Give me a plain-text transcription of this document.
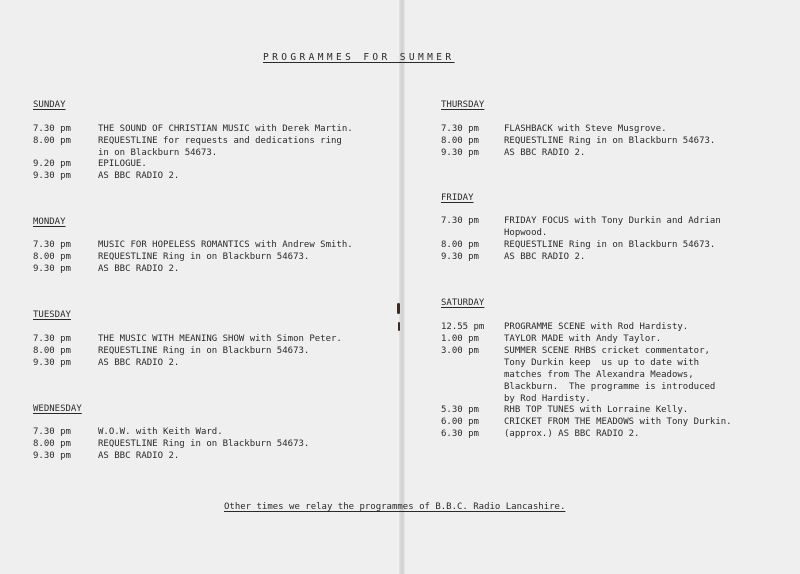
PROGRAMMES FOR SUMMER
SUNDAY
7.30 pm	THE SOUND OF CHRISTIAN MUSIC with Derek Martin.
8.00 pm	REQUESTLINE for requests and dedications ring
in on Blackburn 54673.
9.20 pm	EPILOGUE.
9.30 pm	AS BBC RADIO 2.
MONDAY
7.30 pm	MUSIC FOR HOPELESS ROMANTICS with Andrew Smith.
8.00 pm	REQUESTLINE Ring in on Blackburn 54673.
9.30 pm	AS BBC RADIO 2.
TUESDAY
7.30 pm	THE MUSIC WITH MEANING SHOW with Simon Peter.
8.00 pm	REQUESTLINE Ring in on Blackburn 54673.
9.30 pm	AS BBC RADIO 2.
WEDNESDAY
7.30 pm	W.O.W. with Keith Ward.
8.00 pm	REQUESTLINE Ring in on Blackburn 54673.
9.30 pm	AS BBC RADIO 2.
THURSDAY
7.30 pm	FLASHBACK with Steve Musgrove.
8.00 pm	REQUESTLINE Ring in on Blackburn 54673.
9.30 pm	AS BBC RADIO 2.
FRIDAY
7.30 pm	FRIDAY FOCUS with Tony Durkin and Adrian
Hopwood.
8.00 pm	REQUESTLINE Ring in on Blackburn 54673.
9.30 pm	AS BBC RADIO 2.
SATURDAY
12.55 pm PROGRAMME SCENE with Rod Hardisty.
1.00 pm	TAYLOR MADE with Andy Taylor.
3.00 pm	SUMMER SCENE RHBS cricket commentator,
Tony Durkin keep  us up to date with
matches from The Alexandra Meadows,
Blackburn.  The programme is introduced
by Rod Hardisty.
5.30 pm	RHB TOP TUNES with Lorraine Kelly.
6.00 pm	CRICKET FROM THE MEADOWS with Tony Durkin.
6.30 pm	(approx.) AS BBC RADIO 2.
Other times we relay the programmes of B.B.C. Radio Lancashire.
